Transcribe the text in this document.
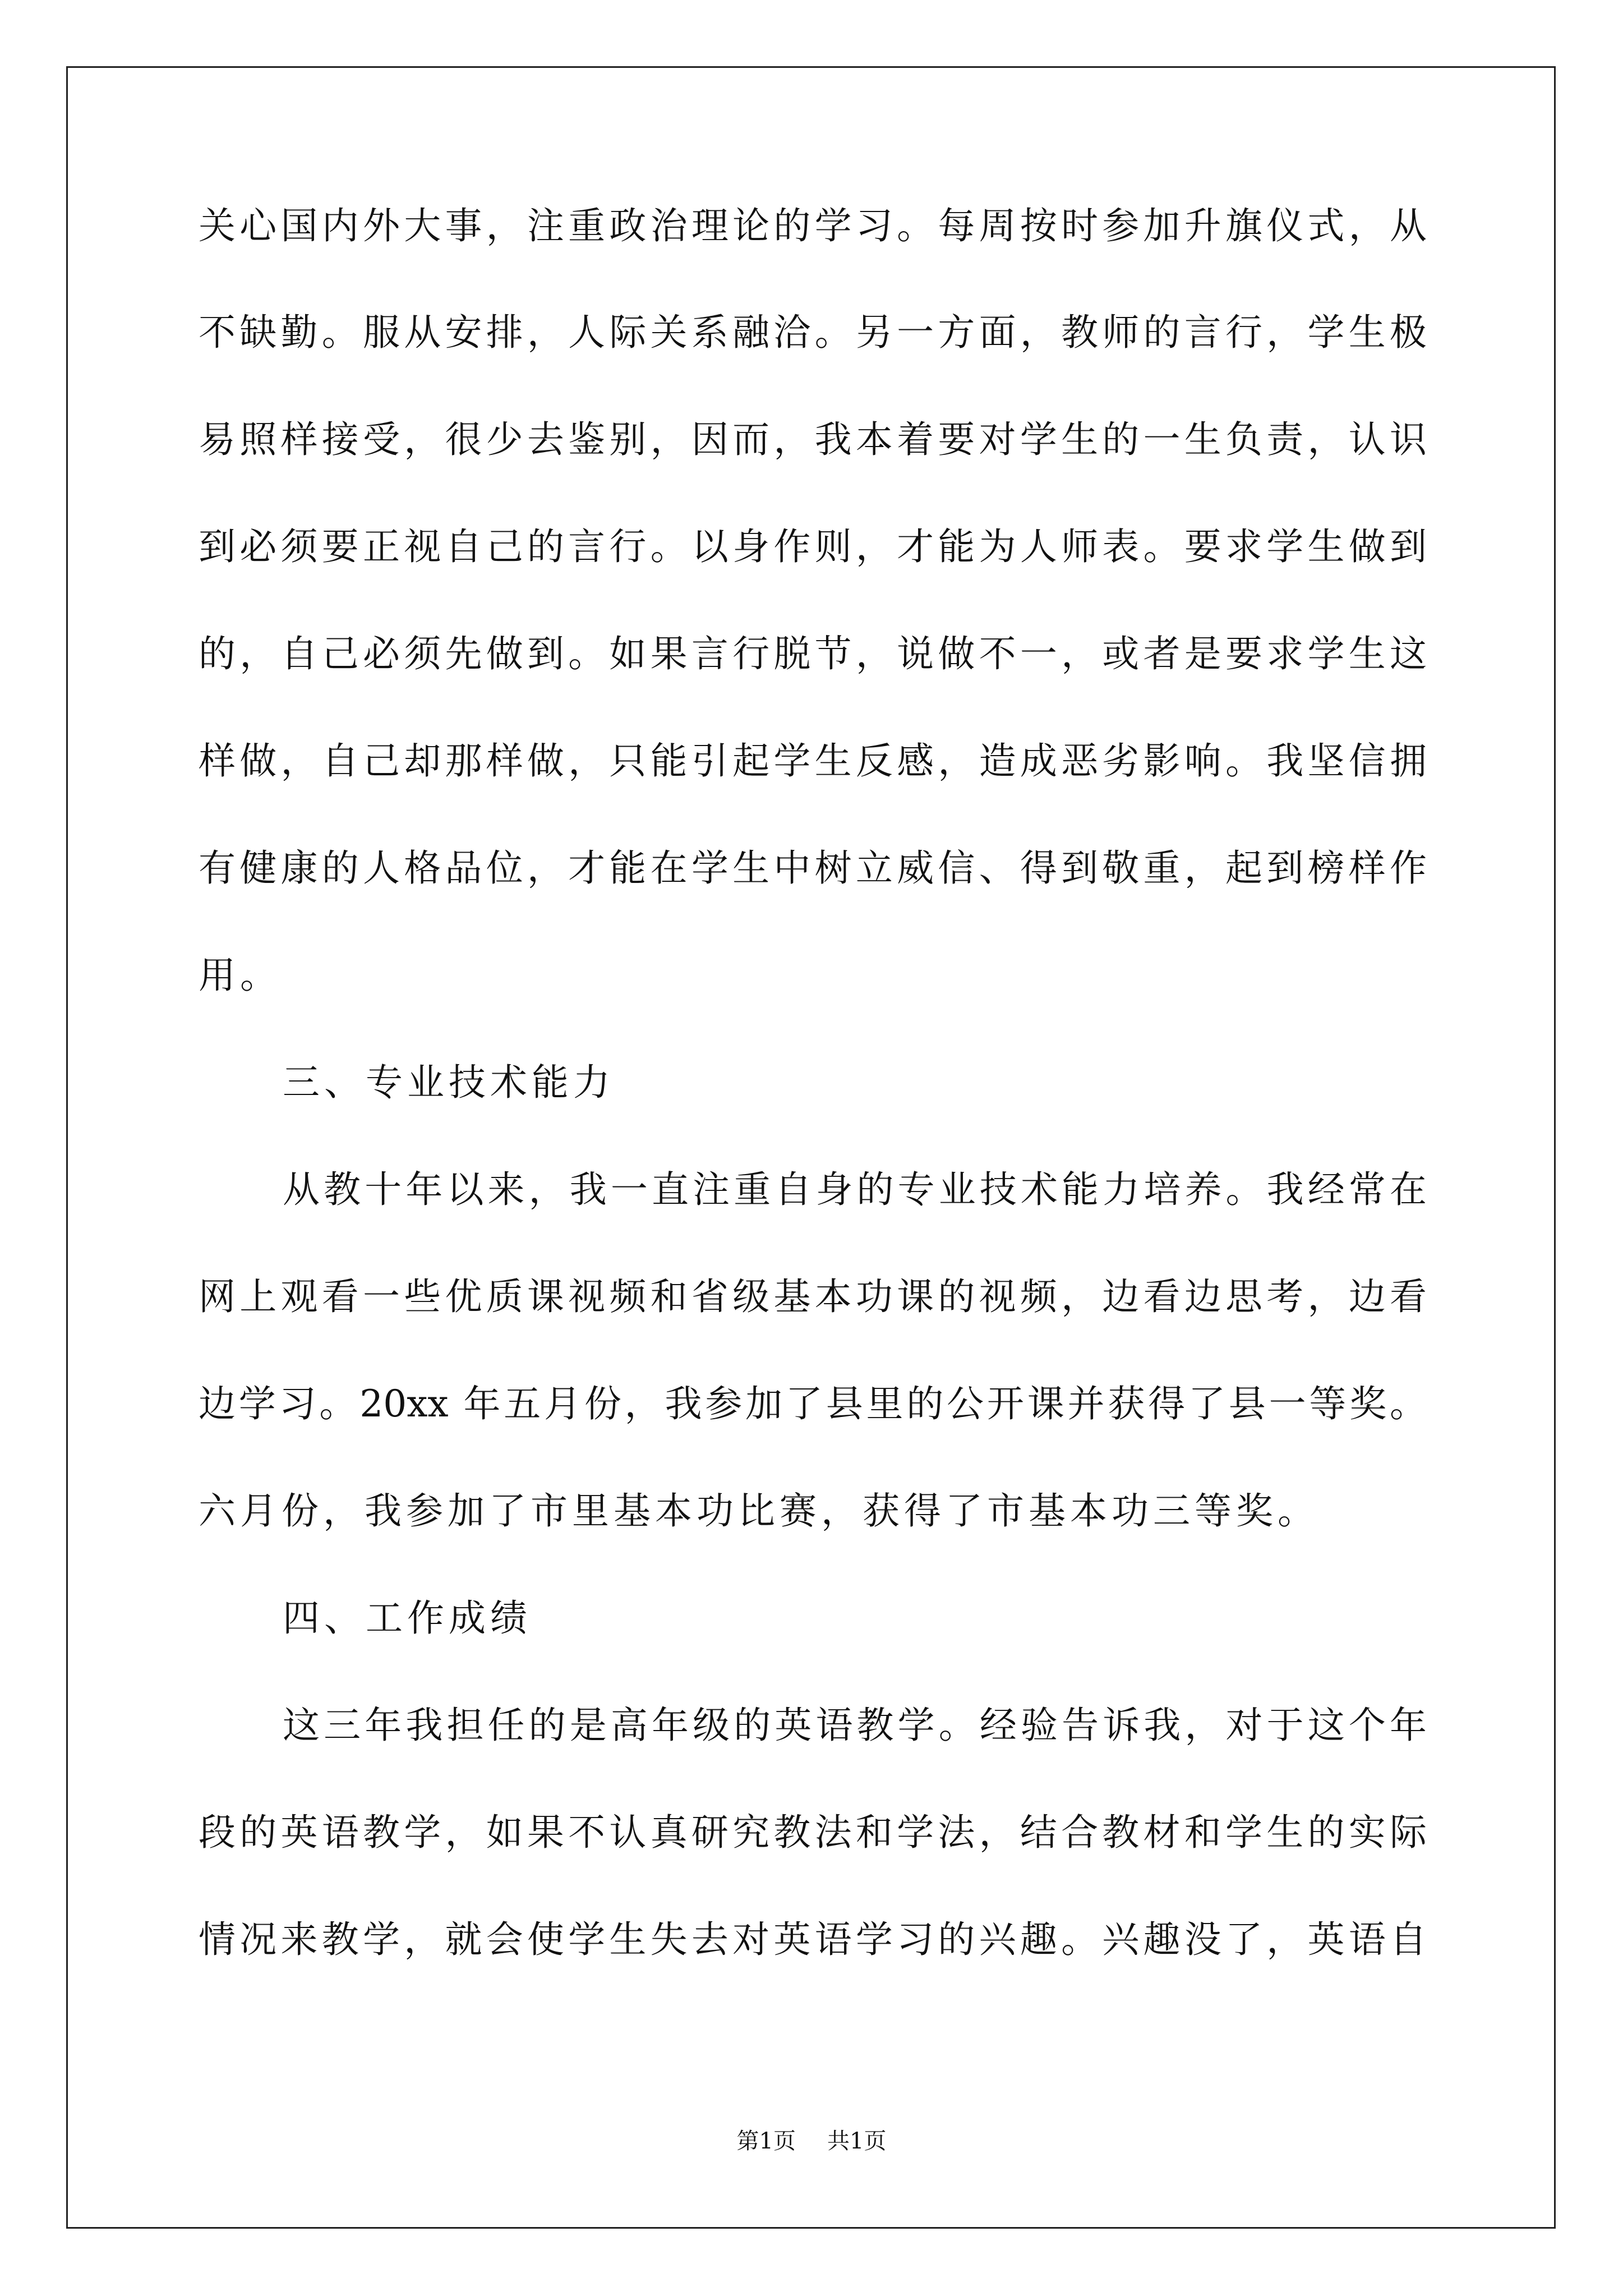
关心国内外大事，注重政治理论的学习。每周按时参加升旗仪式，从
不缺勤。服从安排，人际关系融洽。另一方面，教师的言行，学生极
易照样接受，很少去鉴别，因而，我本着要对学生的一生负责，认识
到必须要正视自己的言行。以身作则，才能为人师表。要求学生做到
的，自己必须先做到。如果言行脱节，说做不一，或者是要求学生这
样做，自己却那样做，只能引起学生反感，造成恶劣影响。我坚信拥
有健康的人格品位，才能在学生中树立威信、得到敬重，起到榜样作
用。
三、专业技术能力
从教十年以来，我一直注重自身的专业技术能力培养。我经常在
网上观看一些优质课视频和省级基本功课的视频，边看边思考，边看
边学习。20xx 年五月份，我参加了县里的公开课并获得了县一等奖。
六月份，我参加了市里基本功比赛，获得了市基本功三等奖。
四、工作成绩
这三年我担任的是高年级的英语教学。经验告诉我，对于这个年
段的英语教学，如果不认真研究教法和学法，结合教材和学生的实际
情况来教学，就会使学生失去对英语学习的兴趣。兴趣没了，英语自
第1页 共1页
